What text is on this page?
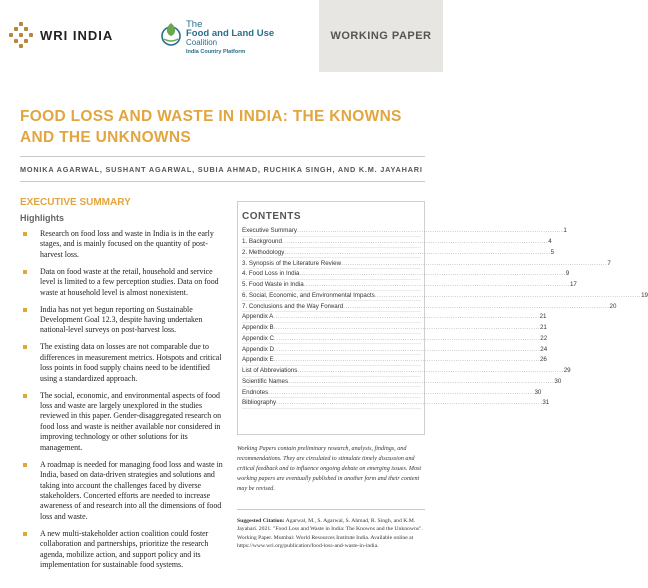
WRI INDIA
The
Food and Land Use
Coalition
India Country Platform
WORKING PAPER
FOOD LOSS AND WASTE IN INDIA: THE KNOWNS AND THE UNKNOWNS
MONIKA AGARWAL, SUSHANT AGARWAL, SUBIA AHMAD, RUCHIKA SINGH, AND K.M. JAYAHARI
EXECUTIVE SUMMARY
Highlights
Research on food loss and waste in India is in the early stages, and is mainly focused on the quantity of post-harvest loss.
Data on food waste at the retail, household and service level is limited to a few perception studies. Data on food waste at household level is almost nonexistent.
India has not yet begun reporting on Sustainable Development Goal 12.3, despite having undertaken national-level surveys on post-harvest loss.
The existing data on losses are not comparable due to differences in measurement metrics. Hotspots and critical loss points in food supply chains need to be identified using a standardized approach.
The social, economic, and environmental aspects of food loss and waste are largely unexplored in the studies reviewed in this paper. Gender-disaggregated research on food loss and waste is neither available nor considered in improving technology or other solutions for its management.
A roadmap is needed for managing food loss and waste in India, based on data-driven strategies and solutions and taking into account the challenges faced by diverse stakeholders. Concerted efforts are needed to increase awareness of and research into all the dimensions of food loss and waste.
A new multi-stakeholder action coalition could foster collaboration and partnerships, prioritize the research agenda, mobilize action, and support policy and its implementation for sustainable food systems.
CONTENTS
Executive Summary ........................................................................................................................ 1
1. Background ........................................................................................................................ 4
2. Methodology ........................................................................................................................ 5
3. Synopsis of the Literature Review ........................................................................................................................ 7
4. Food Loss in India ........................................................................................................................ 9
5. Food Waste in India ........................................................................................................................ 17
6. Social, Economic, and Environmental Impacts ........................................................................................................................ 19
7. Conclusions and the Way Forward ........................................................................................................................ 20
Appendix A ........................................................................................................................ 21
Appendix B ........................................................................................................................ 21
Appendix C ........................................................................................................................ 22
Appendix D ........................................................................................................................ 24
Appendix E ........................................................................................................................ 26
List of Abbreviations ........................................................................................................................ 29
Scientific Names ........................................................................................................................ 30
Endnotes ........................................................................................................................ 30
Bibliography ........................................................................................................................ 31

Working Papers contain preliminary research, analysis, findings, and recommendations. They are circulated to stimulate timely discussion and critical feedback and to influence ongoing debate on emerging issues. Most working papers are eventually published in another form and their content may be revised.

Suggested Citation: Agarwal, M., S. Agarwal, S. Ahmad, R. Singh, and K.M. Jayahari. 2021. "Food Loss and Waste in India: The Knowns and the Unknowns". Working Paper. Mumbai: World Resources Institute India. Available online at https://www.wri.org/publication/food-loss-and-waste-in-india.
